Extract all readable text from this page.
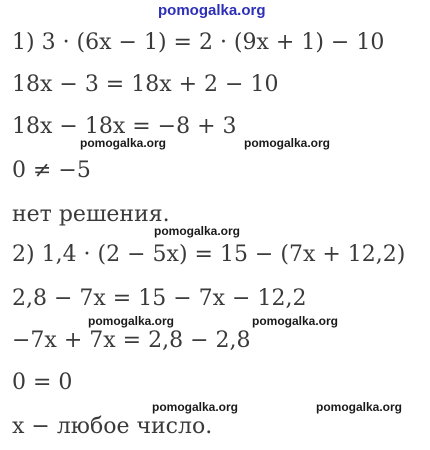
pomogalka.org
1) 3 · (6x − 1) = 2 · (9x + 1) − 10
18x − 3 = 18x + 2 − 10
18x − 18x = −8 + 3
pomogalka.org	pomogalka.org
0 ≠ −5
нет решения.
pomogalka.org
2) 1,4 · (2 − 5x) = 15 − (7x + 12,2)
2,8 − 7x = 15 − 7x − 12,2
pomogalka.org	pomogalka.org
−7x + 7x = 2,8 − 2,8
0 = 0
pomogalka.org	pomogalka.org
x − любое число.
